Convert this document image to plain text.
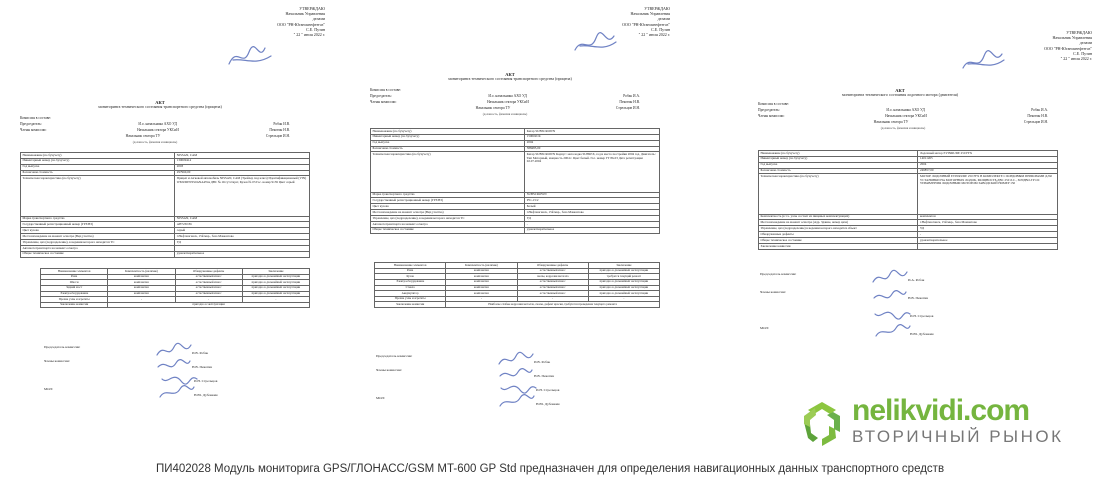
УТВЕРЖДАЮ
Начальник Управления
делами
ООО "РН-Юганскнефтегаз"
С.Е. Пузин
" 22 " июля 2022 г.
АКТ
мониторинга технического состояния транспортного средства (прицепа)
Комиссия в составе:
Председатель:	И.о. начальника АХО УД	Робак И.В.
Члены комиссии:	Начальник сектора УКСиИ	Пекотин Н.В.
Начальник сектора ТУ	Стрельцов И.Н.
(должность, фамилия и инициалы)
Наименование (по бухучету)	NISSAN, CAM
Инвентарный номер (по бухучету)	130009414
Год выпуска	2003
Балансовая стоимость	297960,00
Техническая характеристика (по бухучету)	Прицеп и легковой автомобиль NISSAN, CAM (Трейлер под ключ) Идентификационный (VIN) WMUDENSS0ANA4WA ДВС № Отсутствует, Кузов № 03 Гос. номер 9139 Цвет серый
Марка транспортного средства	NISSAN, CAM
Государственный регистрационный номер (ГРЗ/ВЗ)	АН7230 86
Цвет кузова	серый
Местонахождение на момент осмотра (Вид участка)	г.Нефтеюганск, 15й мкр., база Мамонтово
Управление, цех (подразделение), в ведении которого находится ТС	УД
Автомототранспорта на момент осмотра	
Общее техническое состояние	удовлетворительное
Наименование элементов	Комплектность (наличие)	Обнаруженные дефекты	Заключение
Рама	комплектен	естественный износ	пригодно к дальнейшей эксплуатации
Шасси	комплектен	естественный износ	пригодно к дальнейшей эксплуатации
Задний мост	комплектен	естественный износ	пригодно к дальнейшей эксплуатации
Электрооборудование	комплектен	естественный износ	пригодно к дальнейшей эксплуатации
Прочие узлы и агрегаты	-	-	-
Заключение комиссии	пригодно к эксплуатации		
Председатель комиссии:
И.В. Робак
Члены комиссии:
Н.В. Пекотин
И.Н. Стрельцов
МОЛ:
Н.Ю. Дубовкин
УТВЕРЖДАЮ
Начальник Управления
делами
ООО "РН-Юганскнефтегаз"
С.Е. Пузин
" 22 " июля 2022 г.
АКТ
мониторинга технического состояния транспортного средства (прицепа)
Комиссия в составе:
Председатель:	И.о. начальника АХО УД	Робак И.А.
Члены комиссии:	Начальник сектора УКСиИ	Пекотин Н.В.
Начальник сектора ТУ	Стрельцов И.Н.
(должность, фамилия и инициалы)
Наименование (по бухучету)	Катер SUBSCROWN
Инвентарный номер (по бухучету)	150002СК
Год выпуска	2004
Балансовая стоимость	588485,00
Техническая характеристика (по бухучету)	Катер SUBSCROWN Корпус: мотолодка SUPREX, год и место постройки 2004 год. Двигатель: Тип Моторный, мощность 2004 г. Цвет белый. Гос. номер ГТ 86-03 Дата регистрации 02.07.2004
Марка транспортного средства	SUBSCROWN
Государственный регистрационный номер (ГРЗ/ВЗ)	Р51-15/2
Цвет кузова	Белый
Местонахождение на момент осмотра (Вид участка)	г.Нефтеюганск, 15й мкр., база Мамонтово
Управление, цех (подразделение), в ведении которого находится ТС	УД
Автомототранспорта на момент осмотра	-
Общее техническое состояние	удовлетворительное
Наименование элементов	Комплектность (наличие)	Обнаруженные дефекты	Заключение
Рама	комплектен	естественный износ	пригодно к дальнейшей эксплуатации
Кузов	комплектен	сколы, коррозия металла	требуется текущий ремонт
Электрооборудование	комплектен	естественный износ	пригодно к дальнейшей эксплуатации
Стекла	комплектен	естественный износ	пригодно к дальнейшей эксплуатации
Аккумулятор	комплектен	естественный износ	пригодно к дальнейшей эксплуатации
Прочие узлы и агрегаты	-	-	-
Заключение комиссии	Наиболее слабые коррозии металла, сколы, дефект краски, требуются проведение текущего ремонта		
Председатель комиссии:
И.В. Робак
Члены комиссии:
Н.В. Пекотин
И.Н. Стрельцов
МОЛ:
Н.Ю. Дубовкин
УТВЕРЖДАЮ
Начальник Управления
делами
ООО "РН-Юганскнефтегаз"
С.Е. Пузин
" 22 " июля 2022 г.
АКТ
мониторинга технического состояния лодочного мотора (двигателя)
Комиссия в составе:
Председатель:	И.о. начальника АХО УД	Робак И.А.
Члены комиссии:	Начальник сектора УКСиИ	Пекотин Н.В.
Начальник сектора ТУ	Стрельцов И.Н.
(должность, фамилия и инициалы)
Наименование (по бухучету)	Лодочный мотор EVINRUDE 250 FFX
Инвентарный номер (по бухучету)	14011265
Год выпуска	2004
Балансовая стоимость	249857,00
Техническая характеристика (по бухучету)	МОТОР ЛОДОЧНЫЙ EVINRUDE 250 FFX В КОМПЛЕКТЕ С БОРДОВЫМ ПРИБОРАМИ ДЛЯ УСТАНОВКИ НА МОТОРНЫХ ЛОДОК, МОЩНОСТЬ ДВС 250 Л.С., ЗОУДВО-ТР ОС УПРАВЛЕНИЯ ЛОДОЧНЫМ МОТОРОМ ЗАВОДСКОЙ НОМЕР 150
Комплектность (в т.ч. узлы состоят из пищевых комплектующих)	комплектен
Местонахождение на момент осмотра (Адр. Здание, номер цеха)	г.Нефтеюганск, 15й мкр., база Мамонтово
Управление, цех (подразделение) в ведении которого находится объект	УД
Обнаруженные дефекты	-
Общее техническое состояние	удовлетворительное
Заключение комиссии	
Председатель комиссии:
И.А. Робак
Члены комиссии:
Н.В. Пекотин
И.Н. Стрельцов
МОЛ:
Н.Ю. Дубовкин
nelikvidi.com
ВТОРИЧНЫЙ РЫНОК
ПИ402028 Модуль мониторига GPS/ГЛОНАСС/GSM MT-600 GP Std предназначен для определения навигационных данных транспортного средств
